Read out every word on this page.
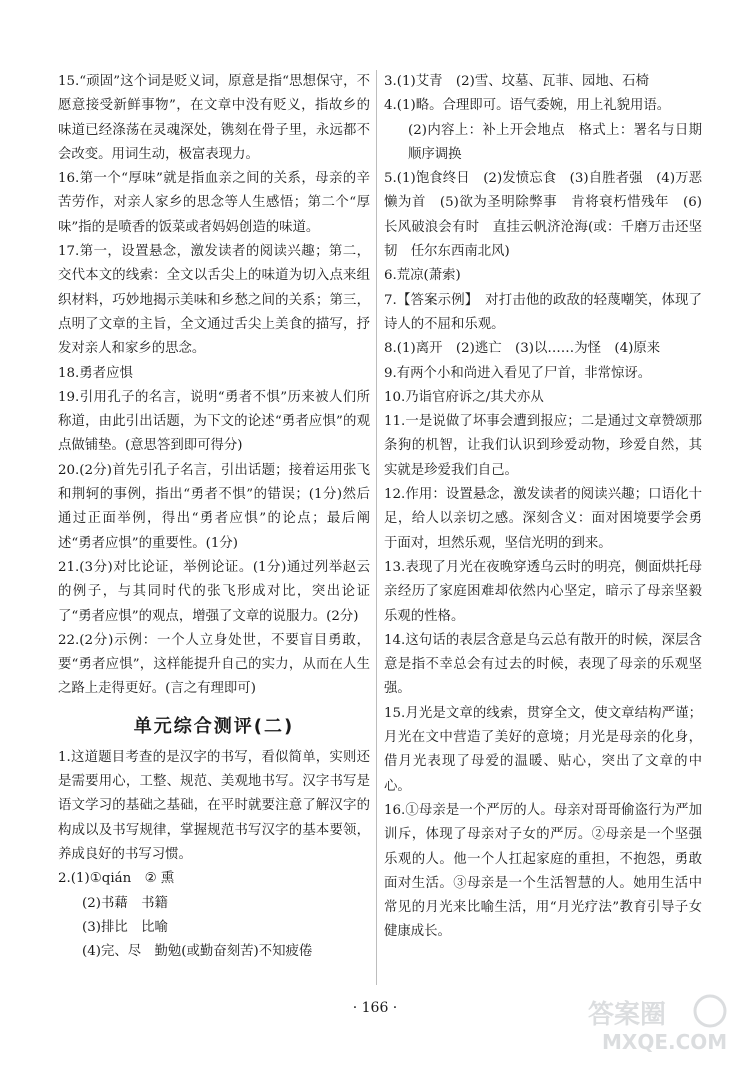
15.“顽固”这个词是贬义词，原意是指“思想保守，不愿意接受新鲜事物”，在文章中没有贬义，指故乡的味道已经涤荡在灵魂深处，镌刻在骨子里，永远都不会改变。用词生动，极富表现力。

16.第一个“厚味”就是指血亲之间的关系，母亲的辛苦劳作，对亲人家乡的思念等人生感悟；第二个“厚味”指的是喷香的饭菜或者妈妈创造的味道。

17.第一，设置悬念，激发读者的阅读兴趣；第二，交代本文的线索：全文以舌尖上的味道为切入点来组织材料，巧妙地揭示美味和乡愁之间的关系；第三，点明了文章的主旨，全文通过舌尖上美食的描写，抒发对亲人和家乡的思念。

18.勇者应惧

19.引用孔子的名言，说明“勇者不惧”历来被人们所称道，由此引出话题，为下文的论述“勇者应惧”的观点做铺垫。(意思答到即可得分)

20.(2分)首先引孔子名言，引出话题；接着运用张飞和荆轲的事例，指出“勇者不惧”的错误；(1分)然后通过正面举例，得出“勇者应惧”的论点；最后阐述“勇者应惧”的重要性。(1分)

21.(3分)对比论证，举例论证。(1分)通过列举赵云的例子，与其同时代的张飞形成对比，突出论证了“勇者应惧”的观点，增强了文章的说服力。(2分)

22.(2分)示例：一个人立身处世，不要盲目勇敢，要“勇者应惧”，这样能提升自己的实力，从而在人生之路上走得更好。(言之有理即可)

单元综合测评(二)

1.这道题目考查的是汉字的书写，看似简单，实则还是需要用心，工整、规范、美观地书写。汉字书写是语文学习的基础之基础，在平时就要注意了解汉字的构成以及书写规律，掌握规范书写汉字的基本要领，养成良好的书写习惯。

2.(1)①qián　② 熏

(2)书藉　书籍

(3)排比　比喻

(4)完、尽　勤勉(或勤奋刻苦)不知疲倦

3.(1)艾青　(2)雪、坟墓、瓦菲、园地、石椅

4.(1)略。合理即可。语气委婉，用上礼貌用语。

(2)内容上：补上开会地点　格式上：署名与日期顺序调换

5.(1)饱食终日　(2)发愤忘食　(3)自胜者强　(4)万恶懒为首　(5)欲为圣明除弊事　肯将衰朽惜残年　(6)长风破浪会有时　直挂云帆济沧海(或：千磨万击还坚韧　任尔东西南北风)

6.荒凉(萧索)

7.【答案示例】　对打击他的政敌的轻蔑嘲笑，体现了诗人的不屈和乐观。

8.(1)离开　(2)逃亡　(3)以……为怪　(4)原来

9.有两个小和尚进入看见了尸首，非常惊讶。

10.乃诣官府诉之/其犬亦从

11.一是说做了坏事会遭到报应；二是通过文章赞颂那条狗的机智，让我们认识到珍爱动物，珍爱自然，其实就是珍爱我们自己。

12.作用：设置悬念，激发读者的阅读兴趣；口语化十足，给人以亲切之感。深刻含义：面对困境要学会勇于面对，坦然乐观，坚信光明的到来。

13.表现了月光在夜晚穿透乌云时的明亮，侧面烘托母亲经历了家庭困难却依然内心坚定，暗示了母亲坚毅乐观的性格。

14.这句话的表层含意是乌云总有散开的时候，深层含意是指不幸总会有过去的时候，表现了母亲的乐观坚强。

15.月光是文章的线索，贯穿全文，使文章结构严谨；月光在文中营造了美好的意境；月光是母亲的化身，借月光表现了母爱的温暖、贴心，突出了文章的中心。

16.①母亲是一个严厉的人。母亲对哥哥偷盗行为严加训斥，体现了母亲对子女的严厉。②母亲是一个坚强乐观的人。他一个人扛起家庭的重担，不抱怨，勇敢面对生活。③母亲是一个生活智慧的人。她用生活中常见的月光来比喻生活，用“月光疗法”教育引导子女健康成长。

· 166 ·	答案圈
MXQE.COM
